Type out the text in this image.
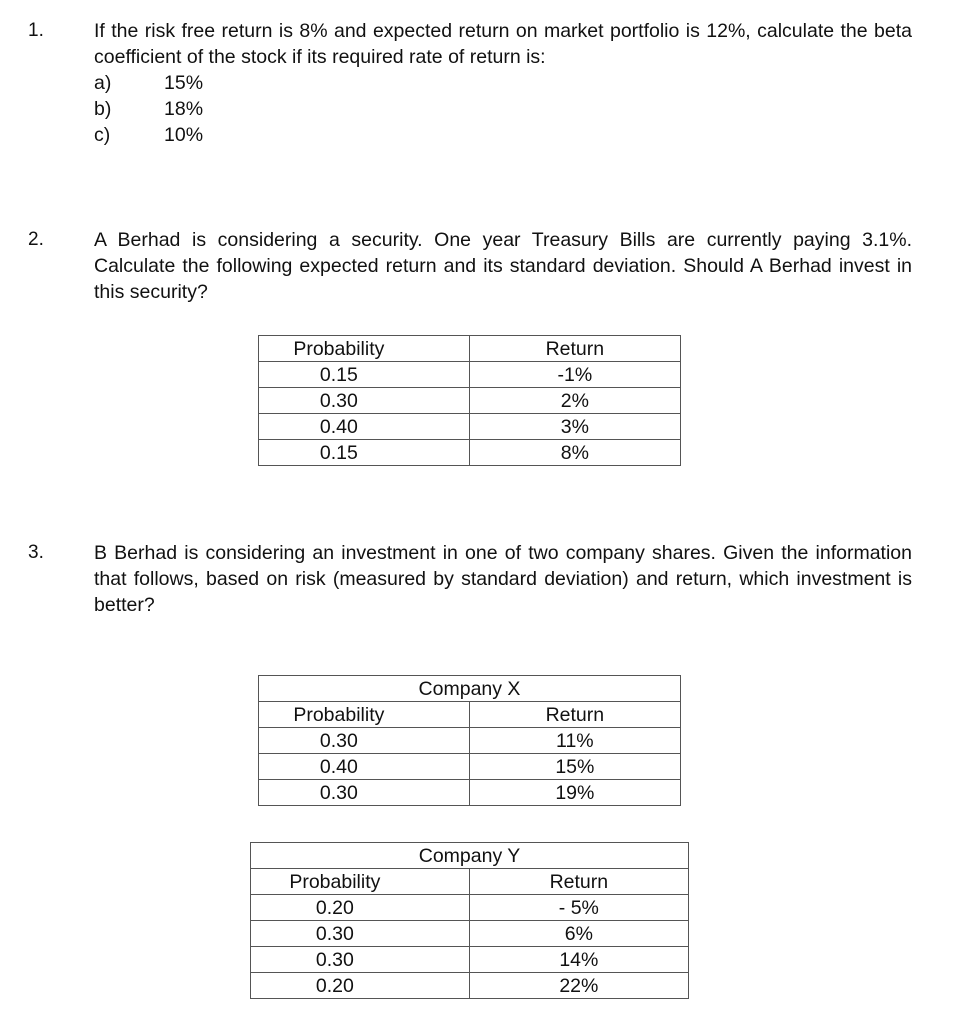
1.	If the risk free return is 8% and expected return on market portfolio is 12%, calculate the beta coefficient of the stock if its required rate of return is:
a)	15%
b)	18%
c)	10%
2.	A Berhad is considering a security. One year Treasury Bills are currently paying 3.1%. Calculate the following expected return and its standard deviation. Should A Berhad invest in this security?
Probability	Return
0.15	-1%
0.30	2%
0.40	3%
0.15	8%
3.	B Berhad is considering an investment in one of two company shares. Given the information that follows, based on risk (measured by standard deviation) and return, which investment is better?
Company X	
Probability	Return
0.30	11%
0.40	15%
0.30	19%
Company Y	
Probability	Return
0.20	- 5%
0.30	6%
0.30	14%
0.20	22%
